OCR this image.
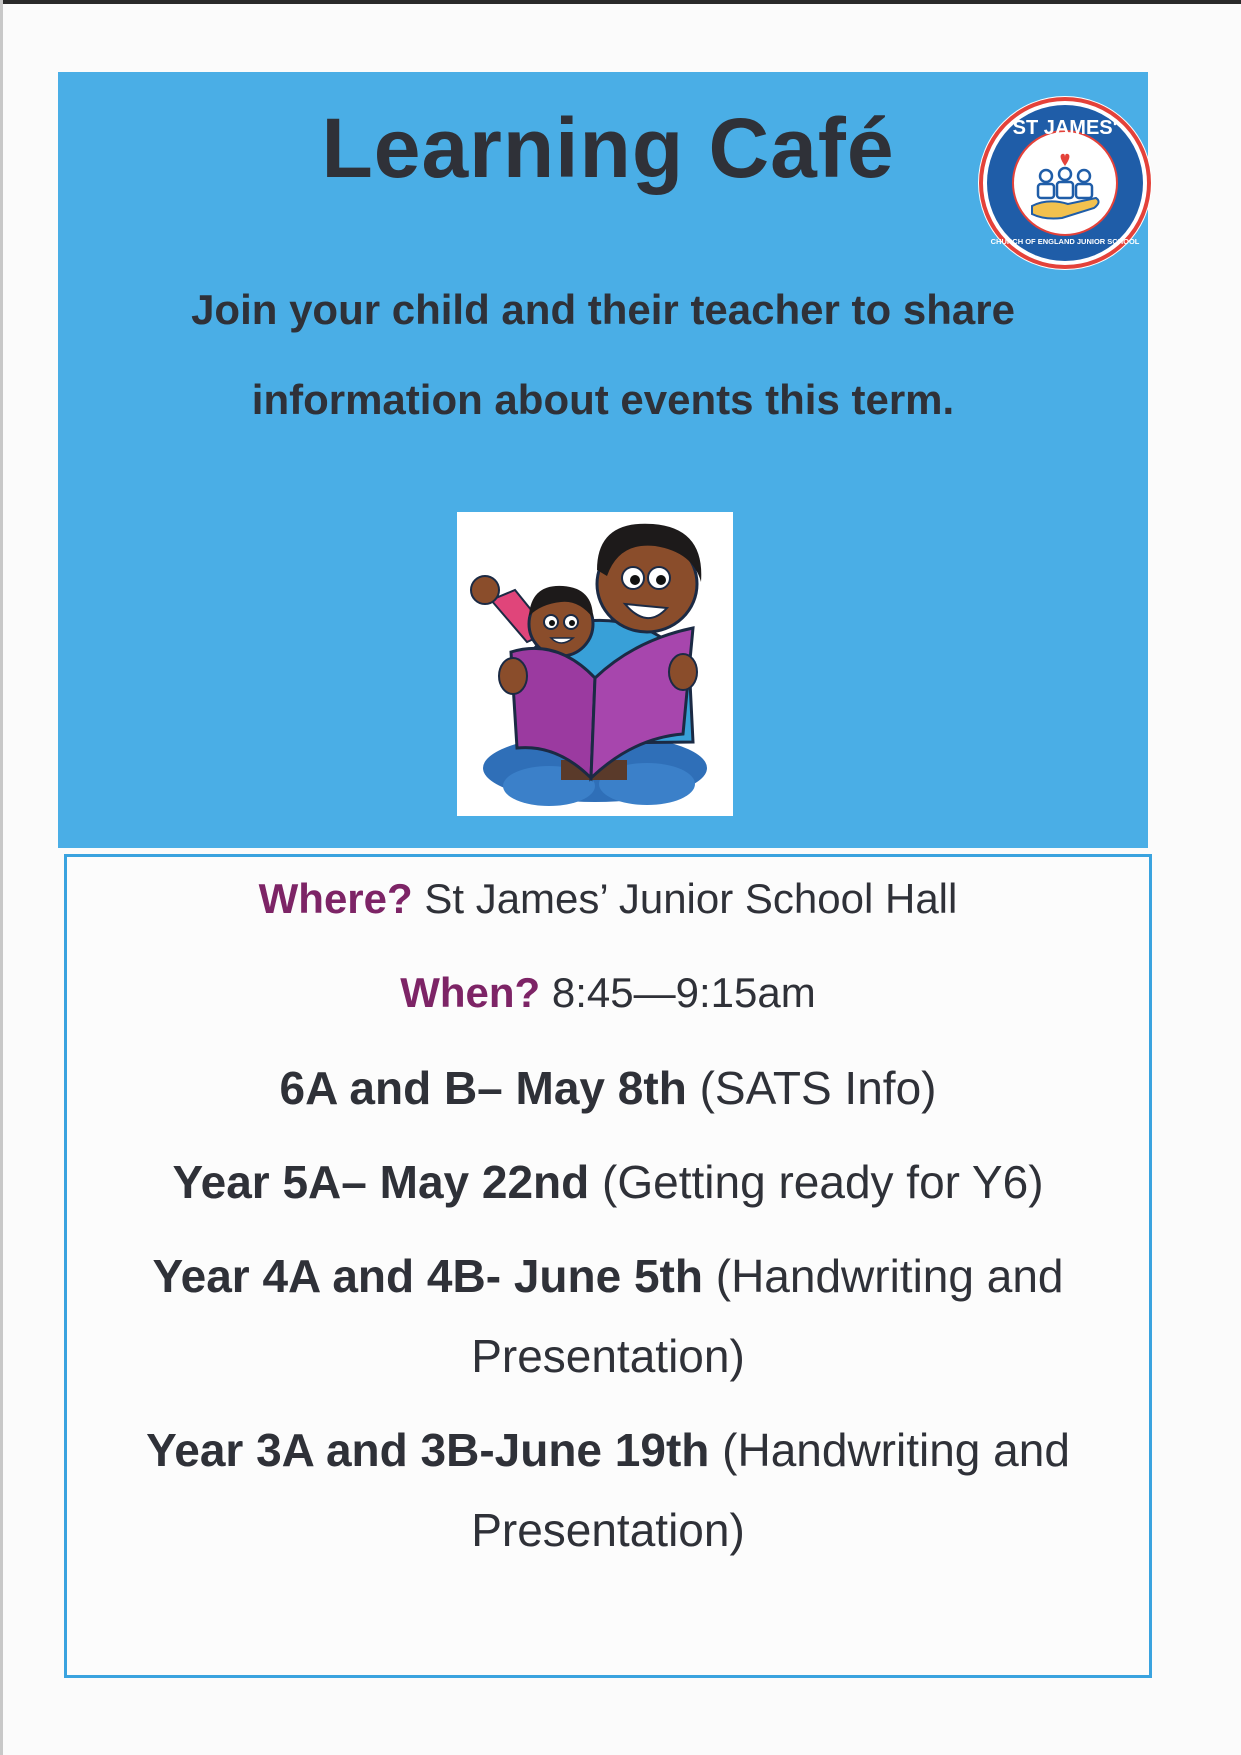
Learning Café
Join your child and their teacher to share
information about events this term.
ST JAMES'
CHURCH OF ENGLAND JUNIOR SCHOOL

Where? St James’ Junior School Hall

When? 8:45—9:15am

6A and B– May 8th (SATS Info)

Year 5A– May 22nd (Getting ready for Y6)

Year 4A and 4B- June 5th (Handwriting and

Presentation)

Year 3A and 3B-June 19th (Handwriting and

Presentation)
